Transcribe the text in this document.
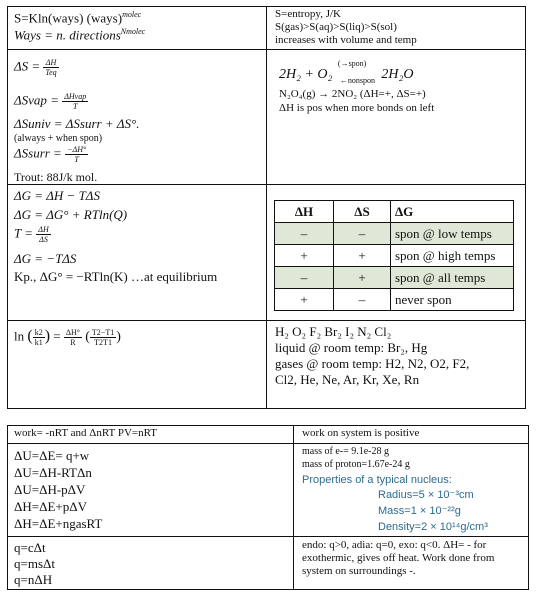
S=Kln(ways) (ways)$^{molec}$
Ways = n. directions$^{Nmolec}$
S=entropy, J/K
S(gas)>S(aq)>S(liq)>S(sol)
increases with volume and temp
$\Delta S = \frac{\Delta H}{\text{Teq}}$
ΔSvap = $\frac{\text{ΔHvap}}{T}$
ΔSuniv = ΔSsurr + ΔS°.
(always + when spon)
ΔSsurr = $\frac{-\Delta H^\circ}{T}$
Trout: 88J/k mol.
2H₂ + O₂
(→spon)
←nonspon 2H₂O
N₂O₄(g) → 2NO₂ (ΔH=+, ΔS=+)
ΔH is pos when more bonds on left
ΔG = ΔH − TΔS
ΔG = ΔG° + RTln(Q)
$T = \frac{\Delta H}{\Delta S}$
ΔG = −TΔS
Kp., ΔG° = −RTln(K) …at equilibrium
ln ( $\frac{k2}{k1}$ ) = $\frac{\Delta H^\circ}{R}$ ( $\frac{T2-T1}{T2T1}$ )	H₂ O₂ F₂ Br₂ I₂ N₂ Cl₂
liquid @ room temp: Br₂, Hg
gases @ room temp: H2, N2, O2, F2,
Cl2, He, Ne, Ar, Kr, Xe, Rn
ΔH	ΔS	ΔG
–	–	spon @ low temps
+	+	spon @ high temps
–	+	spon @ all temps
+	–	never spon
work= -nRT and ΔnRT PV=nRT	work on system is positive
ΔU=ΔE= q+w
ΔU=ΔH-RTΔn
ΔU=ΔH-pΔV
ΔH=ΔE+pΔV
ΔH=ΔE+ngasRT
mass of e-= 9.1e-28 g
mass of proton=1.67e-24 g
Properties of a typical nucleus:
Radius=5 × 10⁻³cm
Mass=1 × 10⁻²²g
Density=2 × 10¹⁴g/cm³
q=cΔt
q=msΔt
q=nΔH
endo: q>0, adia: q=0, exo: q<0. ΔH= - for exothermic, gives off heat. Work done from system on surroundings -.
